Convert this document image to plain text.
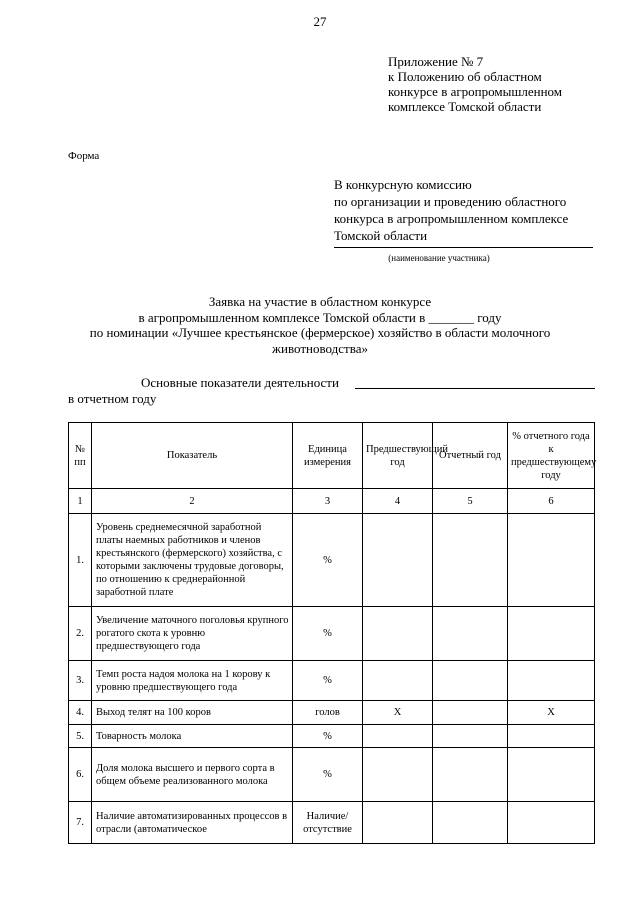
27
Приложение № 7
к Положению об областном
конкурсе в агропромышленном
комплексе Томской области
Форма
В конкурсную комиссию
по организации и проведению областного
конкурса в агропромышленном комплексе
Томской области
(наименование участника)
Заявка на участие в областном конкурсе
в агропромышленном комплексе Томской области в _______ году
по номинации «Лучшее крестьянское (фермерское) хозяйство в области молочного
животноводства»
Основные показатели деятельности
в отчетном году
№ пп	Показатель	Единица измерения	Предшествующий год	Отчетный год	% отчетного года к предшествующему году
1	2	3	4	5	6
1.	Уровень среднемесячной заработной платы наемных работников и членов крестьянского (фермерского) хозяйства, с которыми заключены трудовые договоры, по отношению к среднерайонной заработной плате	%			
2.	Увеличение маточного поголовья крупного рогатого скота к уровню предшествующего года	%			
3.	Темп роста надоя молока на 1 корову к уровню предшествующего года	%			
4.	Выход телят на 100 коров	голов	Х		Х
5.	Товарность молока	%			
6.	Доля молока высшего и первого сорта в общем объеме реализованного молока	%			
7.	Наличие автоматизированных процессов в отрасли (автоматическое	Наличие/ отсутствие			
